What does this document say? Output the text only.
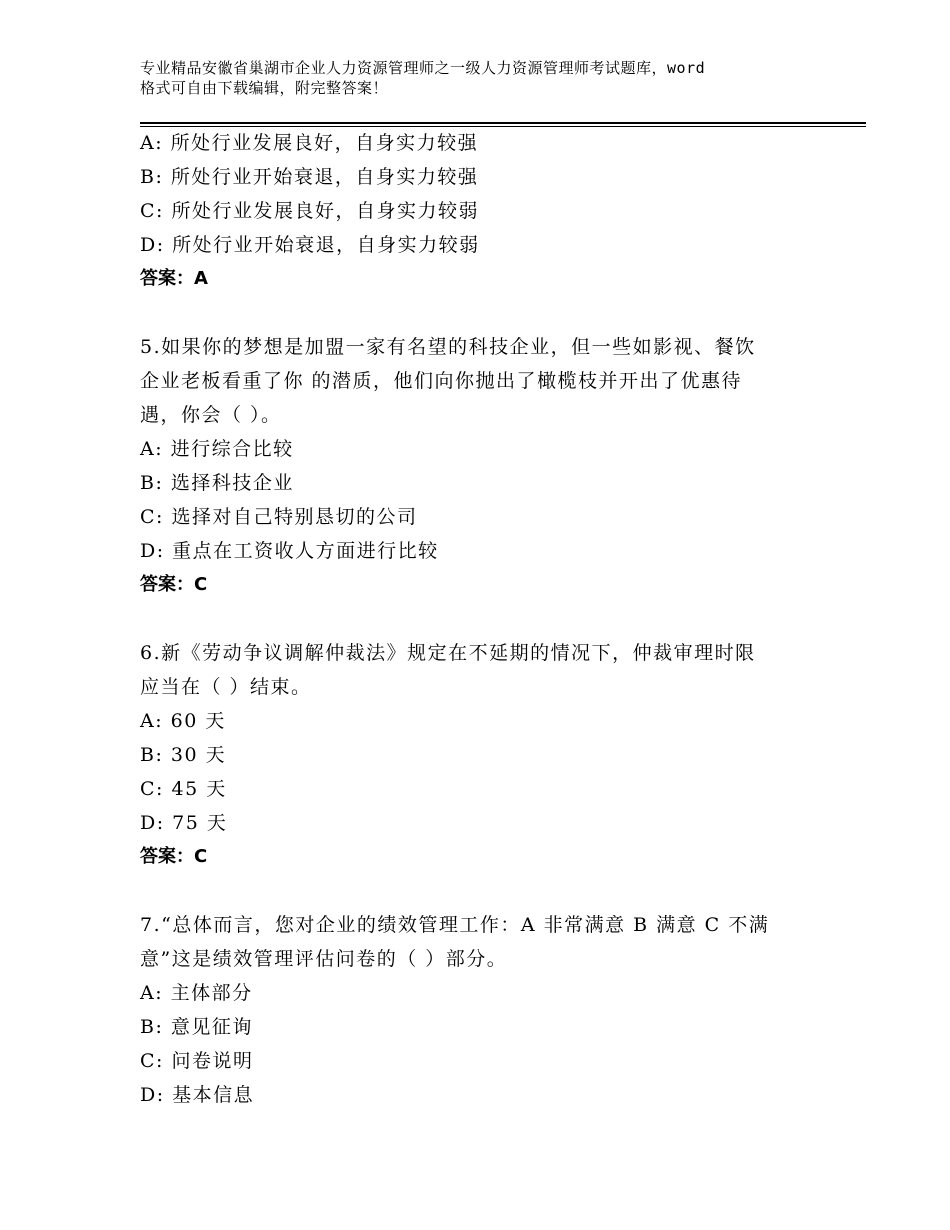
专业精品安徽省巢湖市企业人力资源管理师之一级人力资源管理师考试题库，word
格式可自由下载编辑，附完整答案！
A: 所处行业发展良好，自身实力较强
B: 所处行业开始衰退，自身实力较强
C: 所处行业发展良好，自身实力较弱
D: 所处行业开始衰退，自身实力较弱
答案：A
5.如果你的梦想是加盟一家有名望的科技企业，但一些如影视、餐饮
企业老板看重了你 的潜质，他们向你抛出了橄榄枝并开出了优惠待
遇，你会（ ）。
A: 进行综合比较
B: 选择科技企业
C: 选择对自己特别恳切的公司
D: 重点在工资收人方面进行比较
答案：C
6.新《劳动争议调解仲裁法》规定在不延期的情况下，仲裁审理时限
应当在（ ）结束。
A: 60 天
B: 30 天
C: 45 天
D: 75 天
答案：C
7.“总体而言，您对企业的绩效管理工作：A 非常满意 B 满意 C 不满
意”这是绩效管理评估问卷的（ ）部分。
A: 主体部分
B: 意见征询
C: 问卷说明
D: 基本信息
